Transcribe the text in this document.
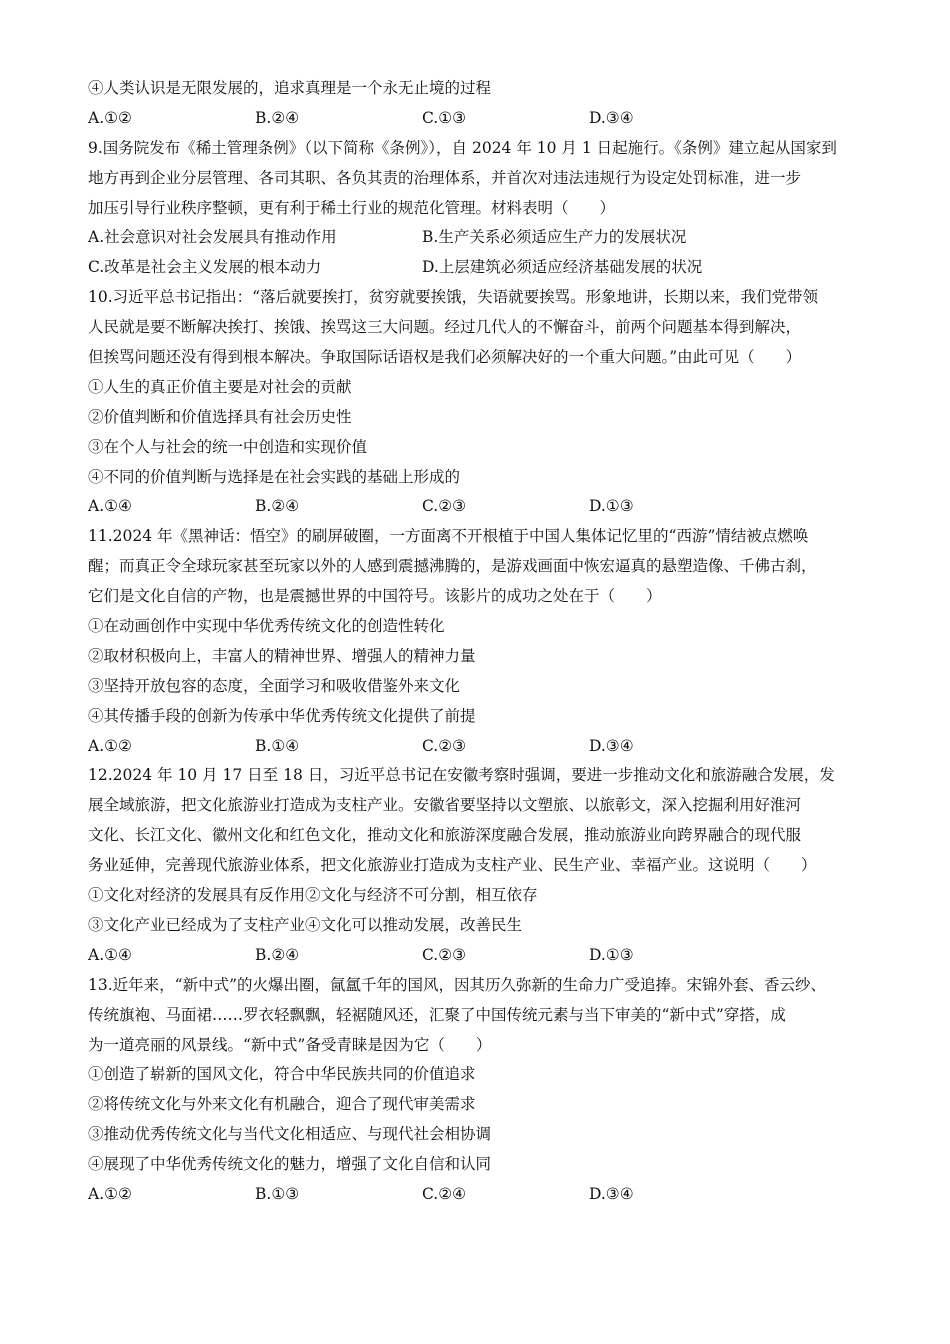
④人类认识是无限发展的，追求真理是一个永无止境的过程
A.①②	B.②④	C.①③	D.③④
9.国务院发布《稀土管理条例》（以下简称《条例》），自 2024 年 10 月 1 日起施行。《条例》建立起从国家到
地方再到企业分层管理、各司其职、各负其责的治理体系，并首次对违法违规行为设定处罚标准，进一步
加压引导行业秩序整顿，更有利于稀土行业的规范化管理。材料表明（　　）
A.社会意识对社会发展具有推动作用	B.生产关系必须适应生产力的发展状况
C.改革是社会主义发展的根本动力	D.上层建筑必须适应经济基础发展的状况
10.习近平总书记指出：“落后就要挨打，贫穷就要挨饿，失语就要挨骂。形象地讲，长期以来，我们党带领
人民就是要不断解决挨打、挨饿、挨骂这三大问题。经过几代人的不懈奋斗，前两个问题基本得到解决，
但挨骂问题还没有得到根本解决。争取国际话语权是我们必须解决好的一个重大问题。”由此可见（　　）
①人生的真正价值主要是对社会的贡献
②价值判断和价值选择具有社会历史性
③在个人与社会的统一中创造和实现价值
④不同的价值判断与选择是在社会实践的基础上形成的
A.①④	B.②④	C.②③	D.①③
11.2024 年《黑神话：悟空》的刷屏破圈，一方面离不开根植于中国人集体记忆里的“西游”情结被点燃唤
醒；而真正令全球玩家甚至玩家以外的人感到震撼沸腾的，是游戏画面中恢宏逼真的悬塑造像、千佛古刹，
它们是文化自信的产物，也是震撼世界的中国符号。该影片的成功之处在于（　　）
①在动画创作中实现中华优秀传统文化的创造性转化
②取材积极向上，丰富人的精神世界、增强人的精神力量
③坚持开放包容的态度，全面学习和吸收借鉴外来文化
④其传播手段的创新为传承中华优秀传统文化提供了前提
A.①②	B.①④	C.②③	D.③④
12.2024 年 10 月 17 日至 18 日，习近平总书记在安徽考察时强调，要进一步推动文化和旅游融合发展，发
展全域旅游，把文化旅游业打造成为支柱产业。安徽省要坚持以文塑旅、以旅彰文，深入挖掘利用好淮河
文化、长江文化、徽州文化和红色文化，推动文化和旅游深度融合发展，推动旅游业向跨界融合的现代服
务业延伸，完善现代旅游业体系，把文化旅游业打造成为支柱产业、民生产业、幸福产业。这说明（　　）
①文化对经济的发展具有反作用②文化与经济不可分割，相互依存
③文化产业已经成为了支柱产业④文化可以推动发展，改善民生
A.①④	B.②④	C.②③	D.①③
13.近年来，“新中式”的火爆出圈，氤氲千年的国风，因其历久弥新的生命力广受追捧。宋锦外套、香云纱、
传统旗袍、马面裙……罗衣轻飘飘，轻裾随风还，汇聚了中国传统元素与当下审美的“新中式”穿搭，成
为一道亮丽的风景线。“新中式”备受青睐是因为它（　　）
①创造了崭新的国风文化，符合中华民族共同的价值追求
②将传统文化与外来文化有机融合，迎合了现代审美需求
③推动优秀传统文化与当代文化相适应、与现代社会相协调
④展现了中华优秀传统文化的魅力，增强了文化自信和认同
A.①②	B.①③	C.②④	D.③④
